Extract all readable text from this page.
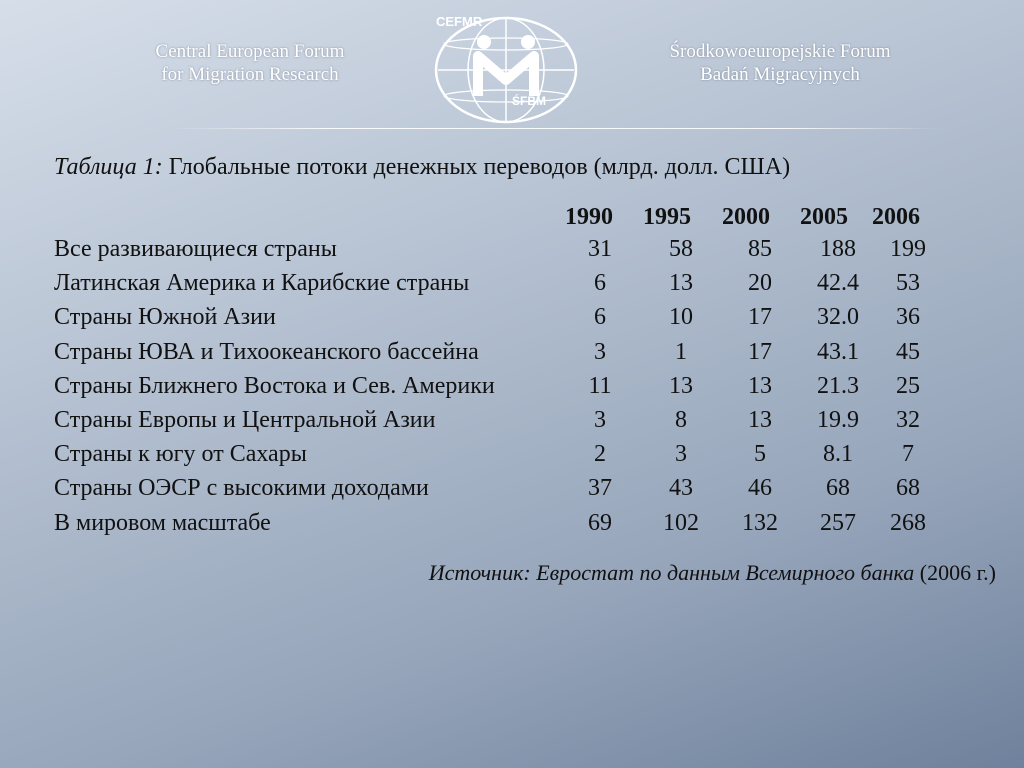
Central European Forum
for Migration Research
CEFMR
ŚFBM
Środkowoeuropejskie Forum
Badań Migracyjnych
Таблица 1: Глобальные потоки денежных переводов (млрд. долл. США)
1990 1995 2000 2005 2006
Все развивающиеся страны	31	58	85	188	199
Латинская Америка и Карибские страны	6	13	20	42.4	53
Страны Южной Азии	6	10	17	32.0	36
Страны ЮВА и Тихоокеанского бассейна	3	1	17	43.1	45
Страны Ближнего Востока и Сев. Америки	11	13	13	21.3	25
Страны Европы и Центральной Азии	3	8	13	19.9	32
Страны к югу от Сахары	2	3	5	8.1	7
Страны ОЭСР с высокими доходами	37	43	46	68	68
В мировом масштабе	69	102	132	257	268
Источник: Евростат по данным Всемирного банка (2006 г.)
